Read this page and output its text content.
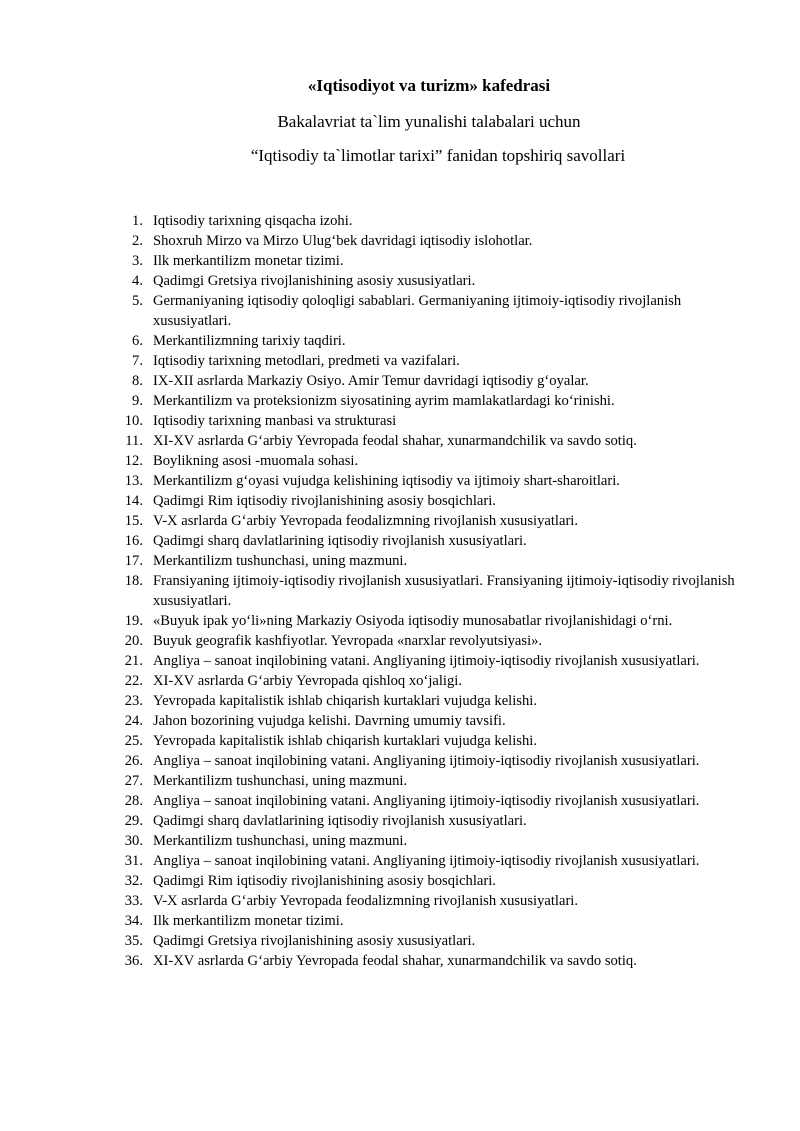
«Iqtisodiyot va turizm» kafedrasi
Bakalavriat ta`lim yunalishi talabalari uchun
“Iqtisodiy ta`limotlar tarixi” fanidan topshiriq savollari
1. Iqtisodiy tarixning qisqacha izohi.
2. Shoxruh Mirzo va Mirzo Ulug‘bek davridagi iqtisodiy islohotlar.
3. Ilk merkantilizm monetar tizimi.
4. Qadimgi Gretsiya rivojlanishining asosiy xususiyatlari.
5. Germaniyaning iqtisodiy qoloqligi sabablari. Germaniyaning ijtimoiy-iqtisodiy rivojlanish xususiyatlari.
6. Merkantilizmning tarixiy taqdiri.
7. Iqtisodiy tarixning metodlari, predmeti va vazifalari.
8. IX-XII asrlarda Markaziy Osiyo. Amir Temur davridagi iqtisodiy g‘oyalar.
9. Merkantilizm va proteksionizm siyosatining ayrim mamlakatlardagi ko‘rinishi.
10. Iqtisodiy tarixning manbasi va strukturasi
11. XI-XV asrlarda G‘arbiy Yevropada feodal shahar, xunarmandchilik va savdo sotiq.
12. Boylikning asosi -muomala sohasi.
13. Merkantilizm g‘oyasi vujudga kelishining iqtisodiy va ijtimoiy shart-sharoitlari.
14. Qadimgi Rim iqtisodiy rivojlanishining asosiy bosqichlari.
15. V-X asrlarda G‘arbiy Yevropada feodalizmning rivojlanish xususiyatlari.
16. Qadimgi sharq davlatlarining iqtisodiy rivojlanish xususiyatlari.
17. Merkantilizm tushunchasi, uning mazmuni.
18. Fransiyaning ijtimoiy-iqtisodiy rivojlanish xususiyatlari. Fransiyaning ijtimoiy-iqtisodiy rivojlanish xususiyatlari.
19. «Buyuk ipak yo‘li»ning Markaziy Osiyoda iqtisodiy munosabatlar rivojlanishidagi o‘rni.
20. Buyuk geografik kashfiyotlar. Yevropada «narxlar revolyutsiyasi».
21. Angliya – sanoat inqilobining vatani. Angliyaning ijtimoiy-iqtisodiy rivojlanish xususiyatlari.
22. XI-XV asrlarda G‘arbiy Yevropada qishloq xo‘jaligi.
23. Yevropada kapitalistik ishlab chiqarish kurtaklari vujudga kelishi.
24. Jahon bozorining vujudga kelishi. Davrning umumiy tavsifi.
25. Yevropada kapitalistik ishlab chiqarish kurtaklari vujudga kelishi.
26. Angliya – sanoat inqilobining vatani. Angliyaning ijtimoiy-iqtisodiy rivojlanish xususiyatlari.
27. Merkantilizm tushunchasi, uning mazmuni.
28. Angliya – sanoat inqilobining vatani. Angliyaning ijtimoiy-iqtisodiy rivojlanish xususiyatlari.
29. Qadimgi sharq davlatlarining iqtisodiy rivojlanish xususiyatlari.
30. Merkantilizm tushunchasi, uning mazmuni.
31. Angliya – sanoat inqilobining vatani. Angliyaning ijtimoiy-iqtisodiy rivojlanish xususiyatlari.
32. Qadimgi Rim iqtisodiy rivojlanishining asosiy bosqichlari.
33. V-X asrlarda G‘arbiy Yevropada feodalizmning rivojlanish xususiyatlari.
34. Ilk merkantilizm monetar tizimi.
35. Qadimgi Gretsiya rivojlanishining asosiy xususiyatlari.
36. XI-XV asrlarda G‘arbiy Yevropada feodal shahar, xunarmandchilik va savdo sotiq.
